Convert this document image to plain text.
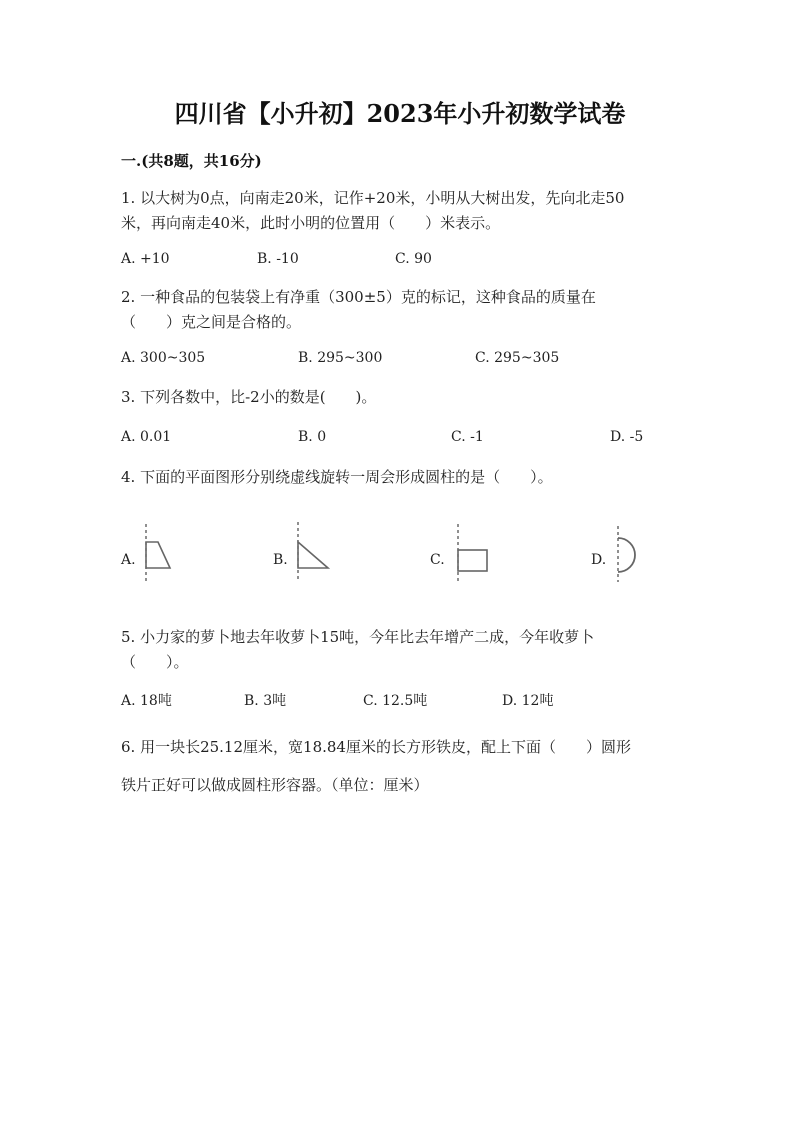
四川省【小升初】2023年小升初数学试卷
一.(共8题，共16分)
1. 以大树为0点，向南走20米，记作+20米，小明从大树出发，先向北走50
米，再向南走40米，此时小明的位置用（　　）米表示。
A. +10	B. -10	C. 90
2. 一种食品的包装袋上有净重（300±5）克的标记，这种食品的质量在
（　　）克之间是合格的。
A. 300~305	B. 295~300	C. 295~305
3. 下列各数中，比-2小的数是(　　)。
A. 0.01	B. 0	C. -1	D. -5
4. 下面的平面图形分别绕虚线旋转一周会形成圆柱的是（　　）。
A.	B.	C.	D.
5. 小力家的萝卜地去年收萝卜15吨，今年比去年增产二成，今年收萝卜
（　　）。
A. 18吨	B. 3吨	C. 12.5吨	D. 12吨
6. 用一块长25.12厘米，宽18.84厘米的长方形铁皮，配上下面（　　）圆形
铁片正好可以做成圆柱形容器。（单位：厘米）
